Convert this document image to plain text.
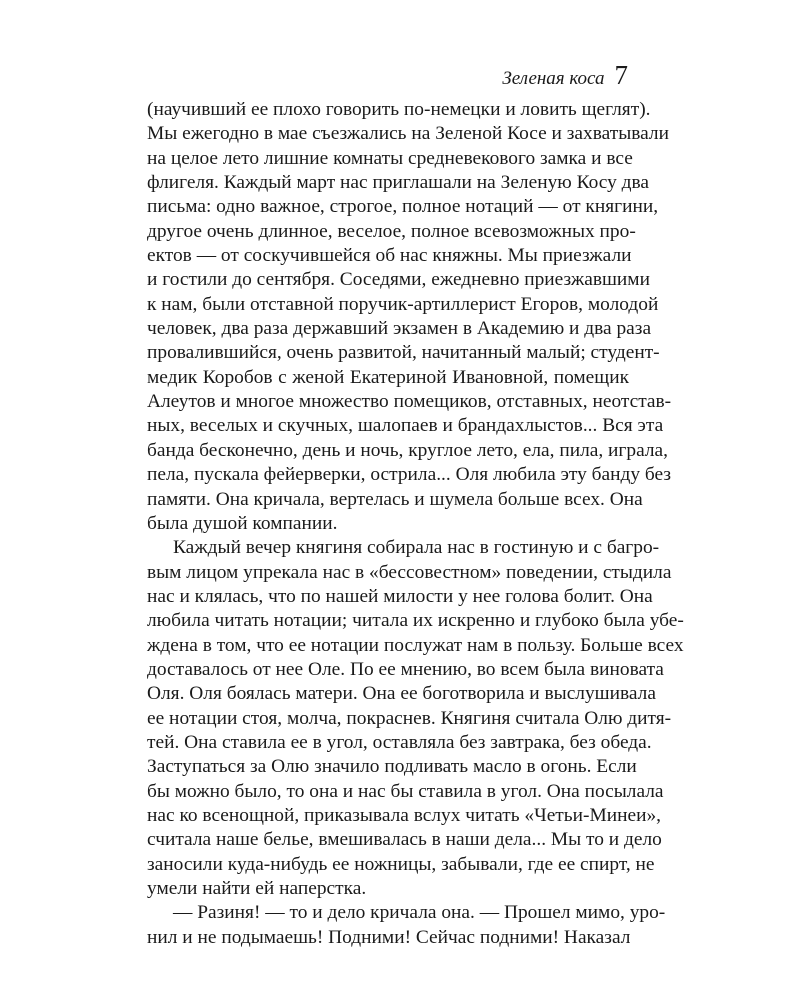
Зеленая коса 7
(научивший ее плохо говорить по-немецки и ловить щеглят).
Мы ежегодно в мае съезжались на Зеленой Косе и захватывали
на целое лето лишние комнаты средневекового замка и все
флигеля. Каждый март нас приглашали на Зеленую Косу два
письма: одно важное, строгое, полное нотаций — от княгини,
другое очень длинное, веселое, полное всевозможных про-
ектов — от соскучившейся об нас княжны. Мы приезжали
и гостили до сентября. Соседями, ежедневно приезжавшими
к нам, были отставной поручик-артиллерист Егоров, молодой
человек, два раза державший экзамен в Академию и два раза
провалившийся, очень развитой, начитанный малый; студент-
медик Коробов с женой Екатериной Ивановной, помещик
Алеутов и многое множество помещиков, отставных, неотстав-
ных, веселых и скучных, шалопаев и брандахлыстов... Вся эта
банда бесконечно, день и ночь, круглое лето, ела, пила, играла,
пела, пускала фейерверки, острила... Оля любила эту банду без
памяти. Она кричала, вертелась и шумела больше всех. Она
была душой компании.
Каждый вечер княгиня собирала нас в гостиную и с багро-
вым лицом упрекала нас в «бессовестном» поведении, стыдила
нас и клялась, что по нашей милости у нее голова болит. Она
любила читать нотации; читала их искренно и глубоко была убе-
ждена в том, что ее нотации послужат нам в пользу. Больше всех
доставалось от нее Оле. По ее мнению, во всем была виновата
Оля. Оля боялась матери. Она ее боготворила и выслушивала
ее нотации стоя, молча, покраснев. Княгиня считала Олю дитя-
тей. Она ставила ее в угол, оставляла без завтрака, без обеда.
Заступаться за Олю значило подливать масло в огонь. Если
бы можно было, то она и нас бы ставила в угол. Она посылала
нас ко всенощной, приказывала вслух читать «Четьи-Минеи»,
считала наше белье, вмешивалась в наши дела... Мы то и дело
заносили куда-нибудь ее ножницы, забывали, где ее спирт, не
умели найти ей наперстка.
— Разиня! — то и дело кричала она. — Прошел мимо, уро-
нил и не подымаешь! Подними! Сейчас подними! Наказал
